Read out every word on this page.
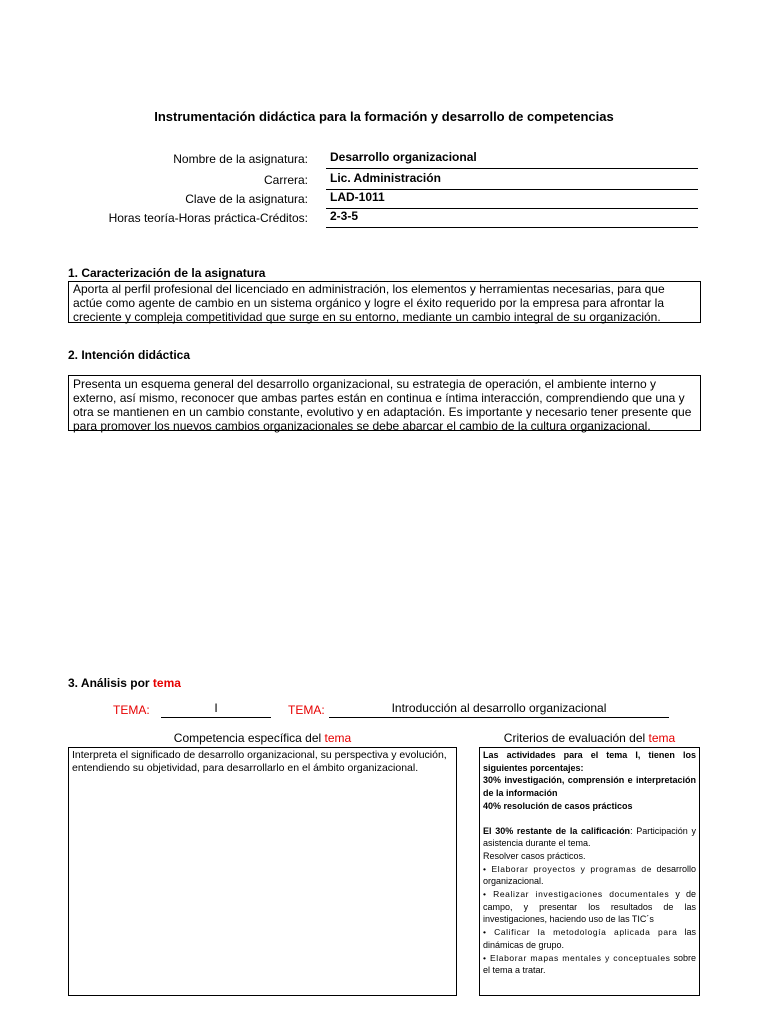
Instrumentación didáctica para la formación y desarrollo de competencias
Nombre de la asignatura:	Desarrollo organizacional
Carrera:	Lic. Administración
Clave de la asignatura:	LAD-1011
Horas teoría-Horas práctica-Créditos:	2-3-5
1. Caracterización de la asignatura
Aporta al perfil profesional del licenciado en administración, los elementos y herramientas necesarias, para que actúe como agente de cambio en un sistema orgánico y logre el éxito requerido por la empresa para afrontar la creciente y compleja competitividad que surge en su entorno, mediante un cambio integral de su organización.
2. Intención didáctica
Presenta un esquema general del desarrollo organizacional, su estrategia de operación, el ambiente interno y externo, así mismo, reconocer que ambas partes están en continua e íntima interacción, comprendiendo que una y otra se mantienen en un cambio constante, evolutivo y en adaptación. Es importante y necesario tener presente que para promover los nuevos cambios organizacionales se debe abarcar el cambio de la cultura organizacional.
3. Análisis por tema
TEMA:	I	TEMA:	Introducción al desarrollo organizacional
Competencia específica del tema	Criterios de evaluación del tema
Interpreta el significado de desarrollo organizacional, su perspectiva y evolución, entendiendo su objetividad, para desarrollarlo en el ámbito organizacional.

Las actividades para el tema I, tienen los siguientes porcentajes:

30% investigación, comprensión e interpretación de la información

40% resolución de casos prácticos

El 30% restante de la calificación: Participación y asistencia durante el tema.

Resolver casos prácticos.

• Elaborar proyectos y programas de desarrollo organizacional.

• Realizar investigaciones documentales y de campo, y presentar los resultados de las investigaciones, haciendo uso de las TIC´s

• Calificar la metodología aplicada para las dinámicas de grupo.

• Elaborar mapas mentales y conceptuales sobre el tema a tratar.
